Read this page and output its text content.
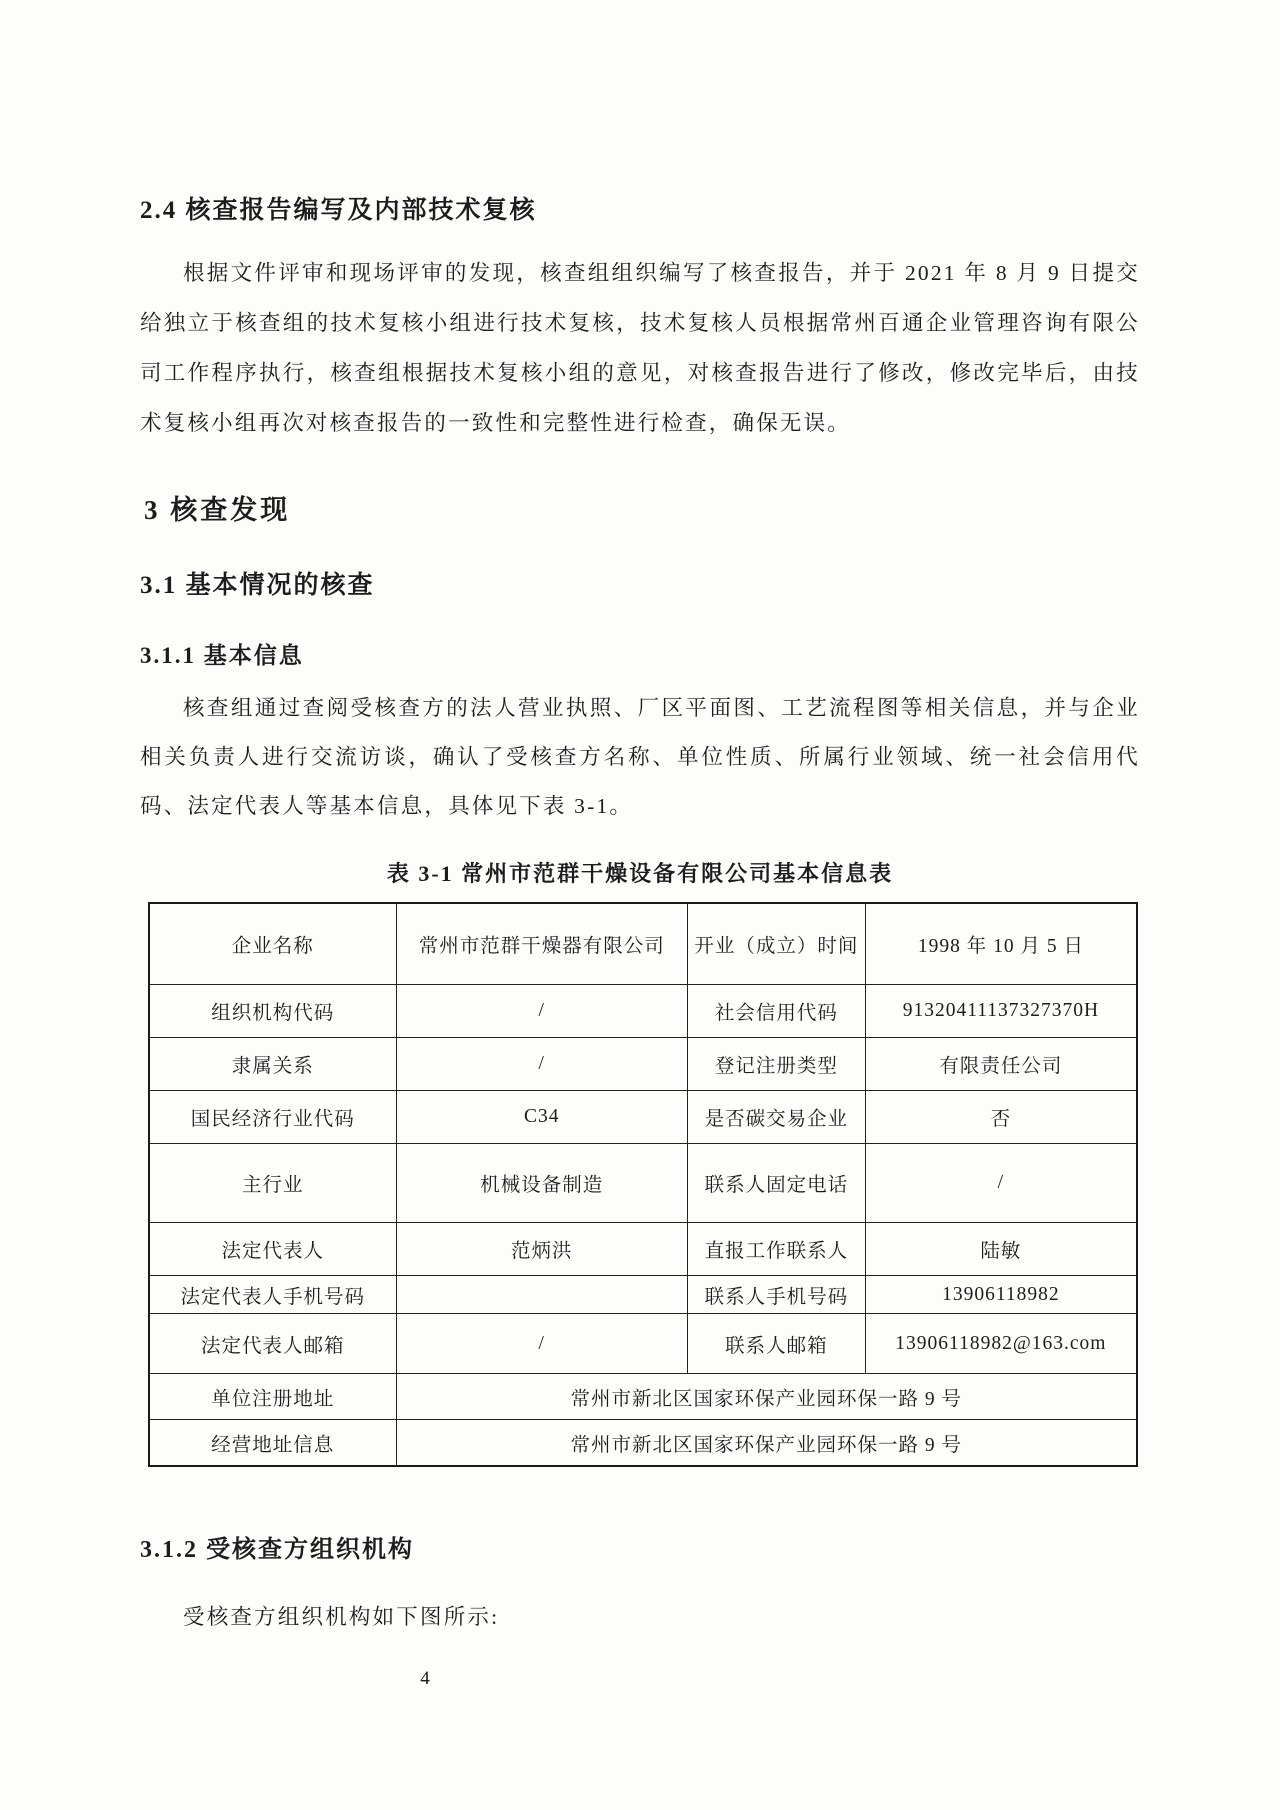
2.4 核查报告编写及内部技术复核

根据文件评审和现场评审的发现，核查组组织编写了核查报告，并于 2021 年 8 月 9 日提交给独立于核查组的技术复核小组进行技术复核，技术复核人员根据常州百通企业管理咨询有限公司工作程序执行，核查组根据技术复核小组的意见，对核查报告进行了修改，修改完毕后，由技术复核小组再次对核查报告的一致性和完整性进行检查，确保无误。

3 核查发现
3.1 基本情况的核查
3.1.1 基本信息

核查组通过查阅受核查方的法人营业执照、厂区平面图、工艺流程图等相关信息，并与企业相关负责人进行交流访谈，确认了受核查方名称、单位性质、所属行业领域、统一社会信用代码、法定代表人等基本信息，具体见下表 3-1。

表 3-1 常州市范群干燥设备有限公司基本信息表
企业名称	常州市范群干燥器有限公司	开业（成立）时间	1998 年 10 月 5 日
组织机构代码	/	社会信用代码	91320411137327370H
隶属关系	/	登记注册类型	有限责任公司
国民经济行业代码	C34	是否碳交易企业	否
主行业	机械设备制造	联系人固定电话	/
法定代表人	范炳洪	直报工作联系人	陆敏
法定代表人手机号码		联系人手机号码	13906118982
法定代表人邮箱	/	联系人邮箱	13906118982@163.com
单位注册地址	常州市新北区国家环保产业园环保一路 9 号		
经营地址信息	常州市新北区国家环保产业园环保一路 9 号		
3.1.2 受核查方组织机构

受核查方组织机构如下图所示:

4
